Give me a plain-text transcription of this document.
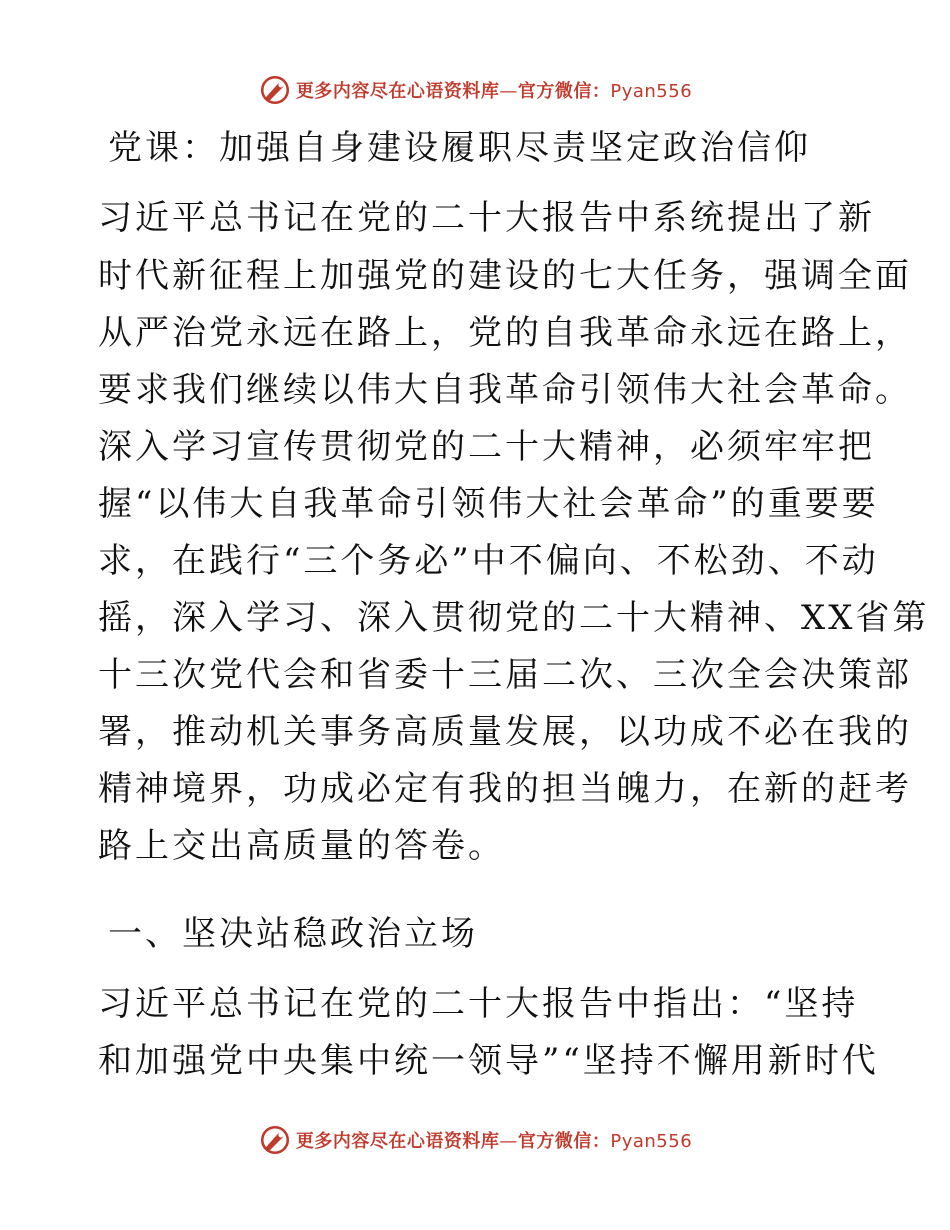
更多内容尽在心语资料库—官方微信：Pyan556
党课：加强自身建设履职尽责坚定政治信仰
习近平总书记在党的二十大报告中系统提出了新
时代新征程上加强党的建设的七大任务，强调全面
从严治党永远在路上，党的自我革命永远在路上，
要求我们继续以伟大自我革命引领伟大社会革命。
深入学习宣传贯彻党的二十大精神，必须牢牢把
握“以伟大自我革命引领伟大社会革命”的重要要
求，在践行“三个务必”中不偏向、不松劲、不动
摇，深入学习、深入贯彻党的二十大精神、XX省第
十三次党代会和省委十三届二次、三次全会决策部
署，推动机关事务高质量发展，以功成不必在我的
精神境界，功成必定有我的担当魄力，在新的赶考
路上交出高质量的答卷。
一、坚决站稳政治立场
习近平总书记在党的二十大报告中指出：“坚持
和加强党中央集中统一领导”“坚持不懈用新时代
更多内容尽在心语资料库—官方微信：Pyan556
